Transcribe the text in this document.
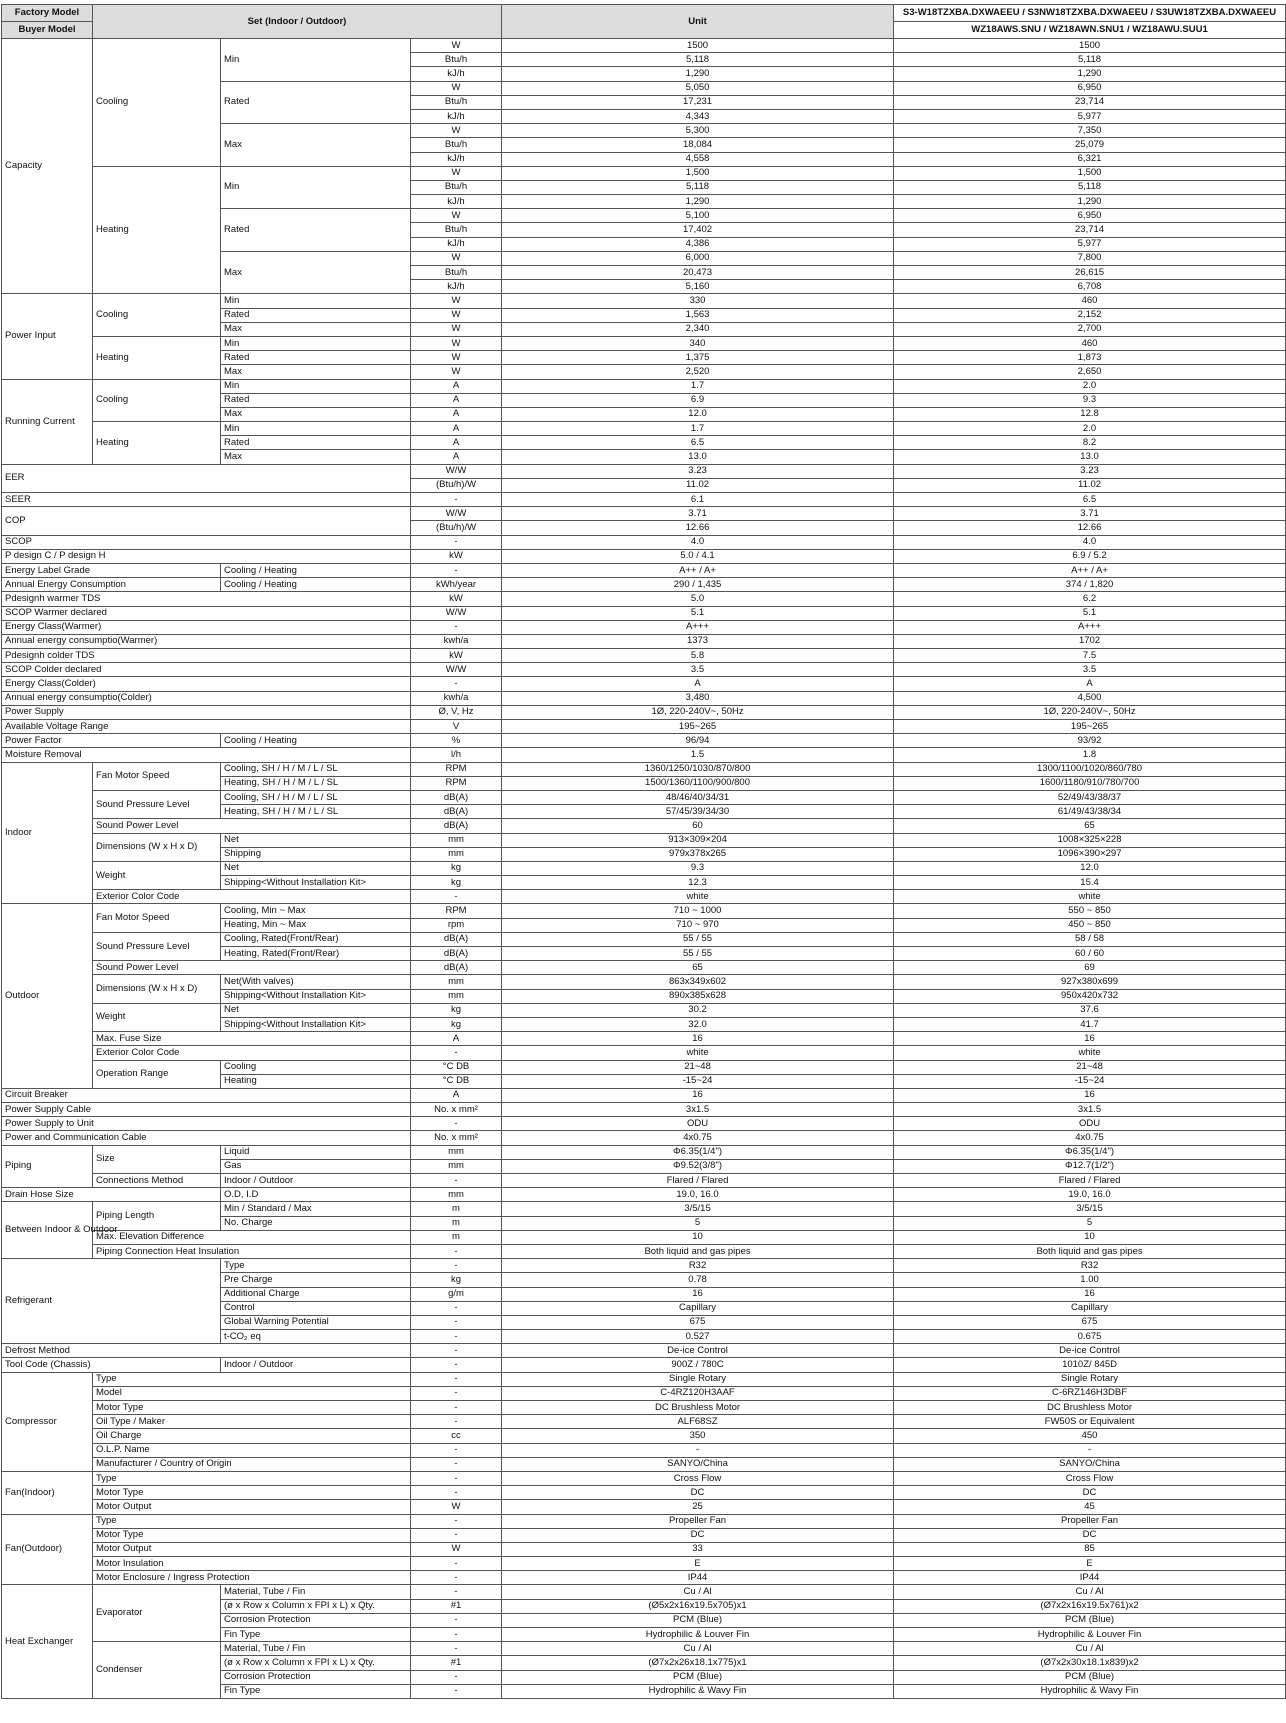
Factory Model	Set (Indoor / Outdoor)			Unit	S3-W18TZXBA.DXWAEEU / S3NW18TZXBA.DXWAEEU / S3UW18TZXBA.DXWAEEU	
Buyer Model					WZ18AWS.SNU / WZ18AWN.SNU1 / WZ18AWU.SUU1	
Capacity	Cooling	Min	W	1500	1500	
			Btu/h	5,118	5,118	
			kJ/h	1,290	1,290	
		Rated	W	5,050	6,950	
			Btu/h	17,231	23,714	
			kJ/h	4,343	5,977	
		Max	W	5,300	7,350	
			Btu/h	18,084	25,079	
			kJ/h	4,558	6,321	
	Heating	Min	W	1,500	1,500	
			Btu/h	5,118	5,118	
			kJ/h	1,290	1,290	
		Rated	W	5,100	6,950	
			Btu/h	17,402	23,714	
			kJ/h	4,386	5,977	
		Max	W	6,000	7,800	
			Btu/h	20,473	26,615	
			kJ/h	5,160	6,708	
Power Input	Cooling	Min	W	330	460	
		Rated	W	1,563	2,152	
		Max	W	2,340	2,700	
	Heating	Min	W	340	460	
		Rated	W	1,375	1,873	
		Max	W	2,520	2,650	
Running Current	Cooling	Min	A	1.7	2.0	
		Rated	A	6.9	9.3	
		Max	A	12.0	12.8	
	Heating	Min	A	1.7	2.0	
		Rated	A	6.5	8.2	
		Max	A	13.0	13.0	
EER			W/W	3.23	3.23	
			(Btu/h)/W	11.02	11.02	
SEER			-	6.1	6.5	
COP			W/W	3.71	3.71	
			(Btu/h)/W	12.66	12.66	
SCOP			-	4.0	4.0	
P design C / P design H			kW	5.0 / 4.1	6.9 / 5.2	
Energy Label Grade		Cooling / Heating	-	A++ / A+	A++ / A+	
Annual Energy Consumption		Cooling / Heating	kWh/year	290 / 1,435	374 / 1,820	
Pdesignh warmer TDS			kW	5.0	6.2	
SCOP Warmer declared			W/W	5.1	5.1	
Energy Class(Warmer)			-	A+++	A+++	
Annual energy consumptio(Warmer)			kwh/a	1373	1702	
Pdesignh colder TDS			kW	5.8	7.5	
SCOP Colder declared			W/W	3.5	3.5	
Energy Class(Colder)			-	A	A	
Annual energy consumptio(Colder)			kwh/a	3,480	4,500	
Power Supply			Ø, V, Hz	1Ø, 220-240V~, 50Hz	1Ø, 220-240V~, 50Hz	
Available Voltage Range			V	195~265	195~265	
Power Factor		Cooling / Heating	%	96/94	93/92	
Moisture Removal			l/h	1.5	1.8	
Indoor	Fan Motor Speed	Cooling, SH / H / M / L / SL	RPM	1360/1250/1030/870/800	1300/1100/1020/860/780	
		Heating, SH / H / M / L / SL	RPM	1500/1360/1100/900/800	1600/1180/910/780/700	
	Sound Pressure Level	Cooling, SH / H / M / L / SL	dB(A)	48/46/40/34/31	52/49/43/38/37	
		Heating, SH / H / M / L / SL	dB(A)	57/45/39/34/30	61/49/43/38/34	
	Sound Power Level		dB(A)	60	65	
	Dimensions (W x H x D)	Net	mm	913×309×204	1008×325×228	
		Shipping	mm	979x378x265	1096×390×297	
	Weight	Net	kg	9.3	12.0	
		Shipping<Without Installation Kit>	kg	12.3	15.4	
	Exterior Color Code		-	white	white	
Outdoor	Fan Motor Speed	Cooling, Min ~ Max	RPM	710 ~ 1000	550 ~ 850	
		Heating, Min ~ Max	rpm	710 ~ 970	450 ~ 850	
	Sound Pressure Level	Cooling, Rated(Front/Rear)	dB(A)	55 / 55	58 / 58	
		Heating, Rated(Front/Rear)	dB(A)	55 / 55	60 / 60	
	Sound Power Level		dB(A)	65	69	
	Dimensions (W x H x D)	Net(With valves)	mm	863x349x602	927x380x699	
		Shipping<Without Installation Kit>	mm	890x385x628	950x420x732	
	Weight	Net	kg	30.2	37.6	
		Shipping<Without Installation Kit>	kg	32.0	41.7	
	Max. Fuse Size		A	16	16	
	Exterior Color Code		-	white	white	
	Operation Range	Cooling	°C DB	21~48	21~48	
		Heating	°C DB	-15~24	-15~24	
Circuit Breaker			A	16	16	
Power Supply Cable			No. x mm²	3x1.5	3x1.5	
Power Supply to Unit			-	ODU	ODU	
Power and Communication Cable			No. x mm²	4x0.75	4x0.75	
Piping	Size	Liquid	mm	Φ6.35(1/4")	Φ6.35(1/4")	
		Gas	mm	Φ9.52(3/8")	Φ12.7(1/2")	
	Connections Method	Indoor / Outdoor	-	Flared / Flared	Flared / Flared	
Drain Hose Size		O.D, I.D	mm	19.0, 16.0	19.0, 16.0	
Between Indoor & Outdoor	Piping Length	Min / Standard / Max	m	3/5/15	3/5/15	
		No. Charge	m	5	5	
	Max. Elevation Difference		m	10	10	
	Piping Connection Heat Insulation		-	Both liquid and gas pipes	Both liquid and gas pipes	
Refrigerant		Type	-	R32	R32	
		Pre Charge	kg	0.78	1.00	
		Additional Charge	g/m	16	16	
		Control	-	Capillary	Capillary	
		Global Warning Potential	-	675	675	
		t-CO₂ eq	-	0.527	0.675	
Defrost Method			-	De-ice Control	De-ice Control	
Tool Code (Chassis)		Indoor / Outdoor	-	900Z / 780C	1010Z/ 845D	
Compressor	Type		-	Single Rotary	Single Rotary	
	Model		-	C-4RZ120H3AAF	C-6RZ146H3DBF	
	Motor Type		-	DC Brushless Motor	DC Brushless Motor	
	Oil Type / Maker		-	ALF68SZ	FW50S or Equivalent	
	Oil Charge		cc	350	450	
	O.L.P. Name		-	-	-	
	Manufacturer / Country of Origin		-	SANYO/China	SANYO/China	
Fan(Indoor)	Type		-	Cross Flow	Cross Flow	
	Motor Type		-	DC	DC	
	Motor Output		W	25	45	
Fan(Outdoor)	Type		-	Propeller Fan	Propeller Fan	
	Motor Type		-	DC	DC	
	Motor Output		W	33	85	
	Motor Insulation		-	E	E	
	Motor Enclosure / Ingress Protection		-	IP44	IP44	
Heat Exchanger	Evaporator	Material, Tube / Fin	-	Cu / Al	Cu / Al	
		(ø x Row x Column x FPI x L) x Qty.	#1	(Ø5x2x16x19.5x705)x1	(Ø7x2x16x19.5x761)x2	
		Corrosion Protection	-	PCM (Blue)	PCM (Blue)	
		Fin Type	-	Hydrophilic & Louver Fin	Hydrophilic & Louver Fin	
	Condenser	Material, Tube / Fin	-	Cu / Al	Cu / Al	
		(ø x Row x Column x FPI x L) x Qty.	#1	(Ø7x2x26x18.1x775)x1	(Ø7x2x30x18.1x839)x2	
		Corrosion Protection	-	PCM (Blue)	PCM (Blue)	
		Fin Type	-	Hydrophilic & Wavy Fin	Hydrophilic & Wavy Fin	
